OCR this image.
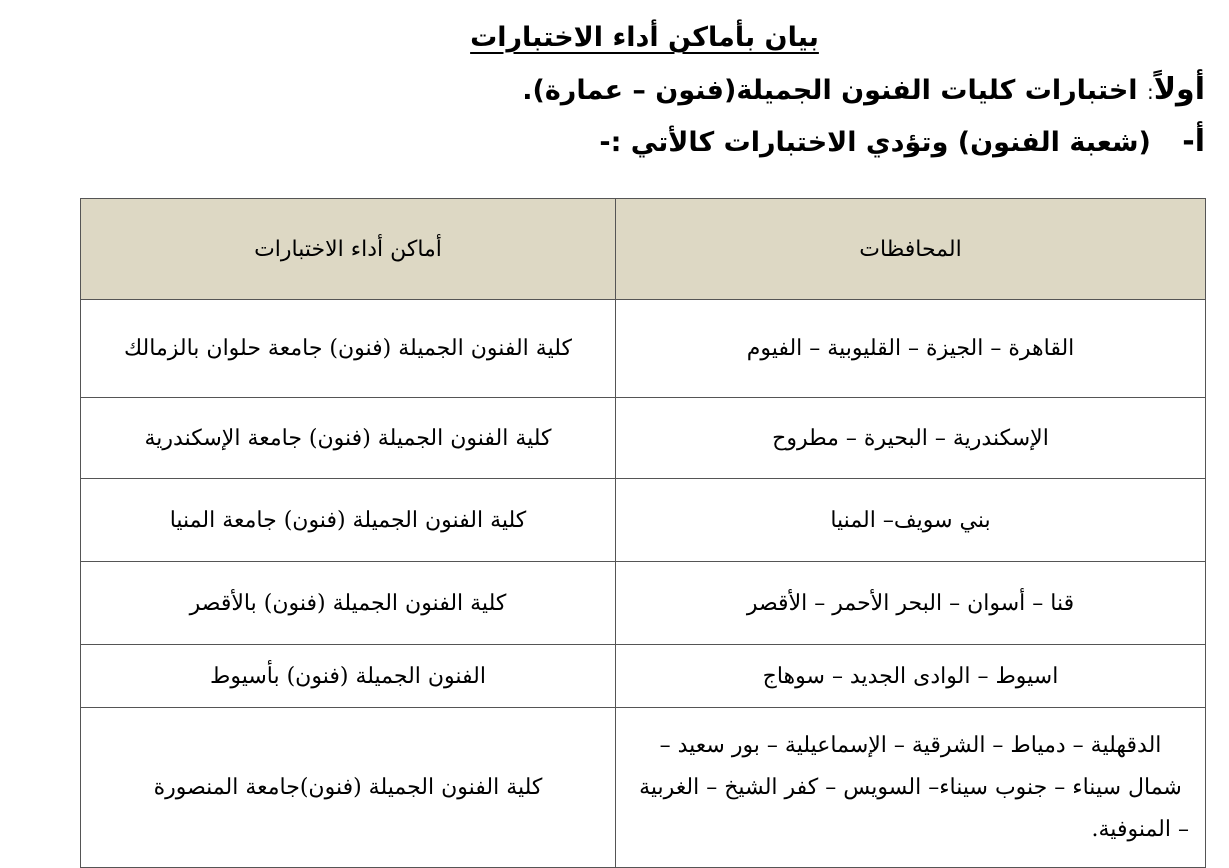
بيان بأماكن أداء الاختبارات
أولاً: اختبارات كليات الفنون الجميلة(فنون – عمارة).
أ- (شعبة الفنون) وتؤدي الاختبارات كالأتي :-
المحافظات	أماكن أداء الاختبارات
القاهرة – الجيزة – القليوبية – الفيوم	كلية الفنون الجميلة (فنون) جامعة حلوان بالزمالك
الإسكندرية – البحيرة – مطروح	كلية الفنون الجميلة (فنون) جامعة الإسكندرية
بني سويف– المنيا	كلية الفنون الجميلة (فنون) جامعة المنيا
قنا – أسوان – البحر الأحمر – الأقصر	كلية الفنون الجميلة (فنون) بالأقصر
اسيوط – الوادى الجديد – سوهاج	الفنون الجميلة (فنون) بأسيوط
الدقهلية – دمياط – الشرقية – الإسماعيلية – بور سعيد – شمال سيناء – جنوب سيناء– السويس – كفر الشيخ – الغربية – المنوفية.	كلية الفنون الجميلة (فنون)جامعة المنصورة
